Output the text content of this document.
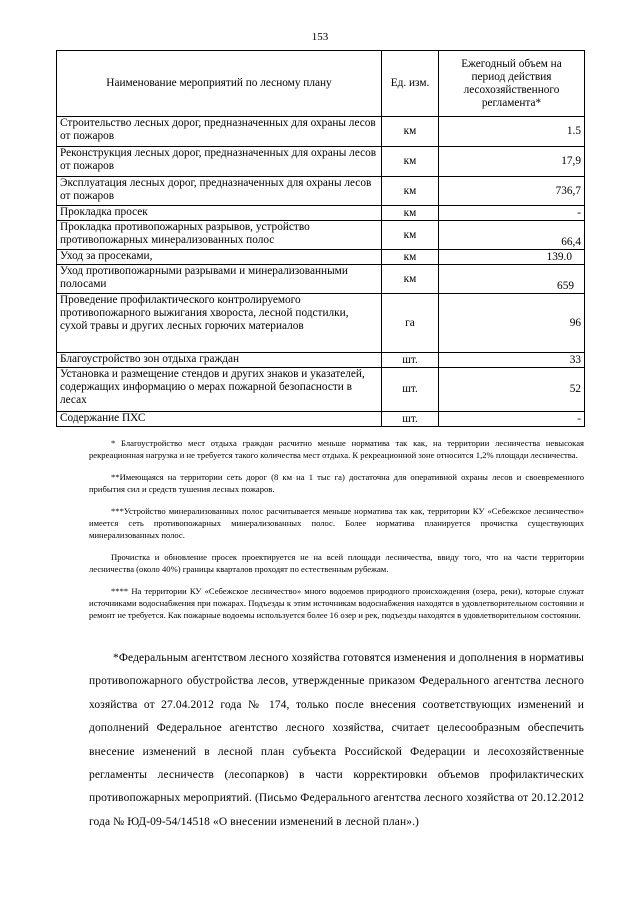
153
Наименование мероприятий по лесному плану	Ед. изм.	Ежегодный объем на период действия лесохозяйственного регламента*
Строительство лесных дорог, предназначенных для охраны лесов от пожаров	км	1.5
Реконструкция лесных дорог, предназначенных для охраны лесов от пожаров	км	17,9
Эксплуатация лесных дорог, предназначенных для охраны лесов от пожаров	км	736,7
Прокладка просек	км	-
Прокладка противопожарных разрывов, устройство противопожарных минерализованных полос	км	66,4
Уход за просеками,	км	139.0
Уход противопожарными разрывами и минерализованными полосами	км	659
Проведение профилактического контролируемого противопожарного выжигания хвороста, лесной подстилки, сухой травы и других лесных горючих материалов	га	96
Благоустройство зон отдыха граждан	шт.	33
Установка и размещение стендов и других знаков и указателей, содержащих информацию о мерах пожарной безопасности в лесах	шт.	52
Содержание ПХС	шт.	-

* Благоустройство мест отдыха граждан расчитно меньше норматива так как, на территории лесничества невысокая рекреационная нагрузка и не требуется такого количества мест отдыха. К рекреационной зоне относится 1,2% площади лесничества.

**Имеющаяся на территории сеть дорог (8 км на 1 тыс га) достаточна для оперативной охраны лесов и своевременного прибытия сил и средств тушения лесных пожаров.

***Устройство минерализованных полос расчитывается меньше норматива так как, территории КУ «Себежское лесничество» имеется сеть противопожарных минерализованных полос. Более норматива планируется прочистка существующих минерализованных полос.

Прочистка и обновление просек проектируется не на всей площади лесничества, ввиду того, что на части территории лесничества (около 40%) границы кварталов проходят по естественным рубежам.

**** На территории КУ «Себежское лесничество» много водоемов природного происхождения (озера, реки), которые служат источниками водоснабжения при пожарах. Подъезды к этим источникам водоснабжения находятся в удовлетворительном состоянии и ремонт не требуется. Как пожарные водоемы используется более 16 озер и рек, подъезды находятся в удовлетворительном состоянии.

*Федеральным агентством лесного хозяйства готовятся изменения и дополнения в нормативы противопожарного обустройства лесов, утвержденные приказом Федерального агентства лесного хозяйства от 27.04.2012 года № 174, только после внесения соответствующих изменений и дополнений Федеральное агентство лесного хозяйства, считает целесообразным обеспечить внесение изменений в лесной план субъекта Российской Федерации и лесохозяйственные регламенты лесничеств (лесопарков) в части корректировки объемов профилактических противопожарных мероприятий. (Письмо Федерального агентства лесного хозяйства от 20.12.2012 года № ЮД-09-54/14518 «О внесении изменений в лесной план».)
